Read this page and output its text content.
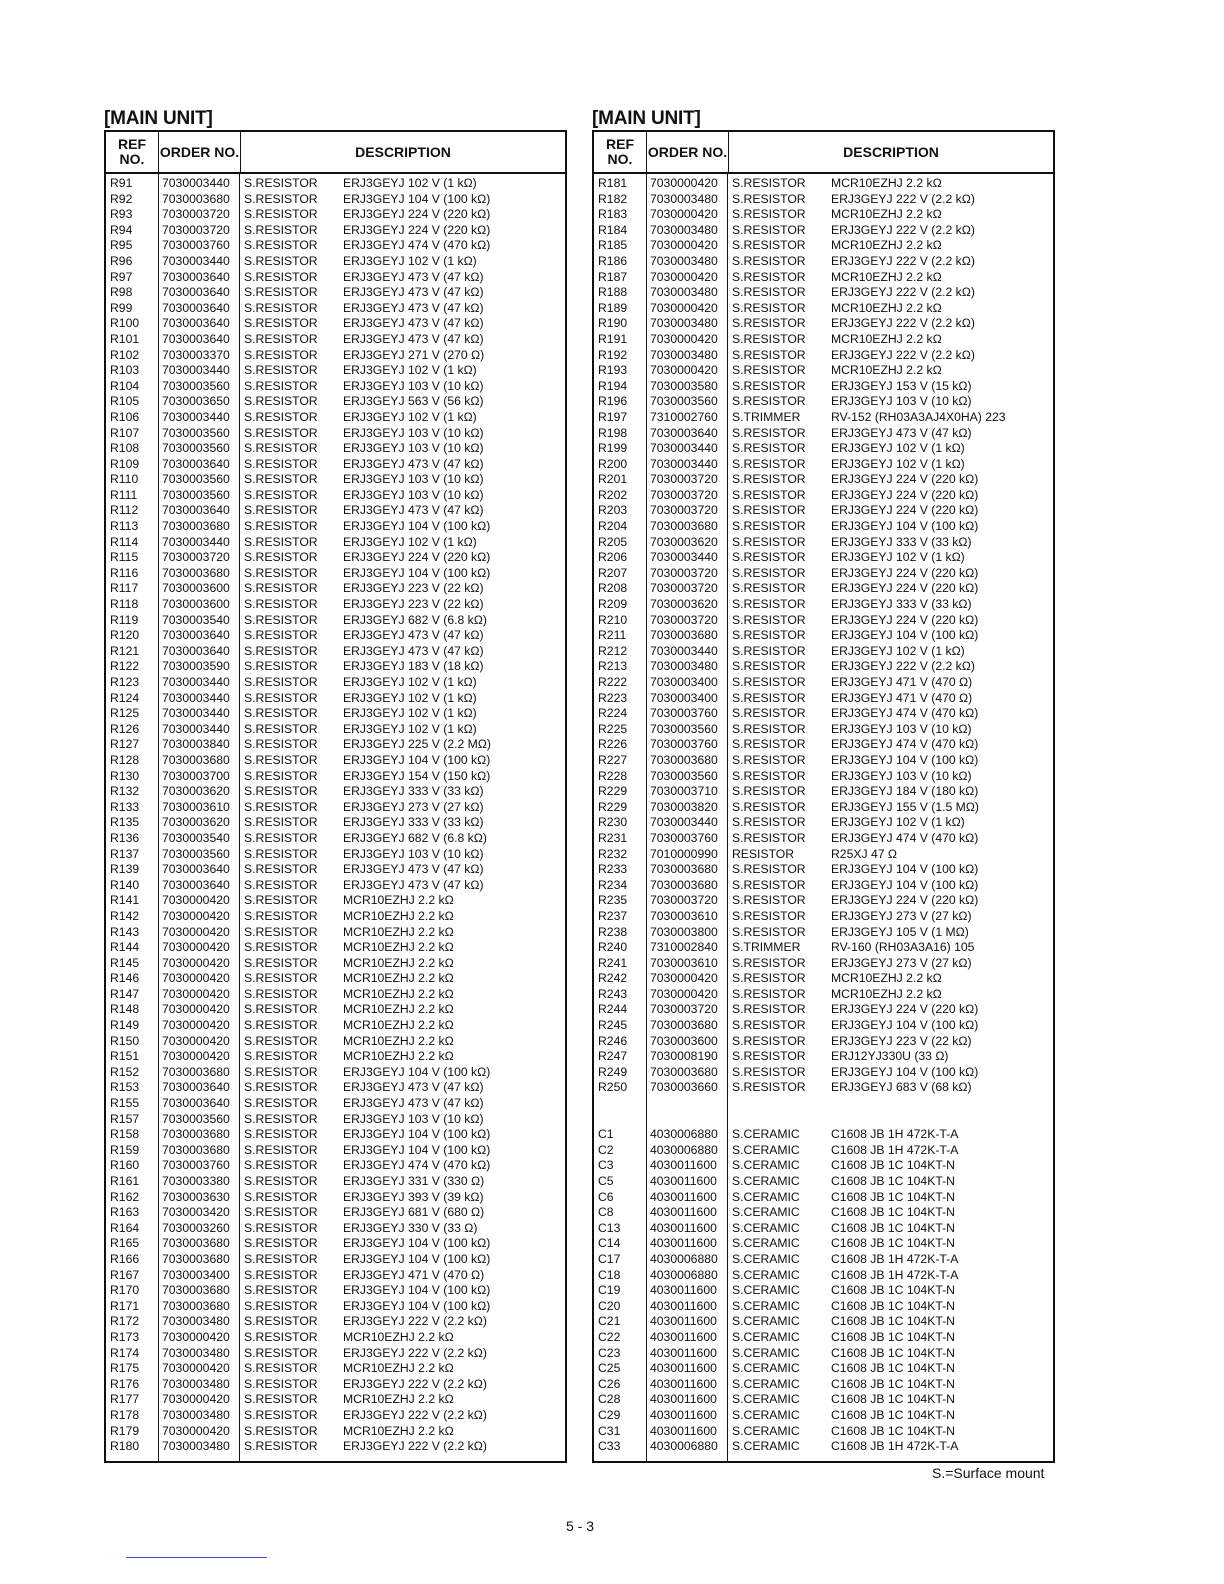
[MAIN UNIT]
REF NO.	ORDER NO.	DESCRIPTION
R91	7030003440	S.RESISTOR	ERJ3GEYJ 102 V (1 kΩ)
R92	7030003680	S.RESISTOR	ERJ3GEYJ 104 V (100 kΩ)
R93	7030003720	S.RESISTOR	ERJ3GEYJ 224 V (220 kΩ)
R94	7030003720	S.RESISTOR	ERJ3GEYJ 224 V (220 kΩ)
R95	7030003760	S.RESISTOR	ERJ3GEYJ 474 V (470 kΩ)
R96	7030003440	S.RESISTOR	ERJ3GEYJ 102 V (1 kΩ)
R97	7030003640	S.RESISTOR	ERJ3GEYJ 473 V (47 kΩ)
R98	7030003640	S.RESISTOR	ERJ3GEYJ 473 V (47 kΩ)
R99	7030003640	S.RESISTOR	ERJ3GEYJ 473 V (47 kΩ)
R100	7030003640	S.RESISTOR	ERJ3GEYJ 473 V (47 kΩ)
R101	7030003640	S.RESISTOR	ERJ3GEYJ 473 V (47 kΩ)
R102	7030003370	S.RESISTOR	ERJ3GEYJ 271 V (270 Ω)
R103	7030003440	S.RESISTOR	ERJ3GEYJ 102 V (1 kΩ)
R104	7030003560	S.RESISTOR	ERJ3GEYJ 103 V (10 kΩ)
R105	7030003650	S.RESISTOR	ERJ3GEYJ 563 V (56 kΩ)
R106	7030003440	S.RESISTOR	ERJ3GEYJ 102 V (1 kΩ)
R107	7030003560	S.RESISTOR	ERJ3GEYJ 103 V (10 kΩ)
R108	7030003560	S.RESISTOR	ERJ3GEYJ 103 V (10 kΩ)
R109	7030003640	S.RESISTOR	ERJ3GEYJ 473 V (47 kΩ)
R110	7030003560	S.RESISTOR	ERJ3GEYJ 103 V (10 kΩ)
R111	7030003560	S.RESISTOR	ERJ3GEYJ 103 V (10 kΩ)
R112	7030003640	S.RESISTOR	ERJ3GEYJ 473 V (47 kΩ)
R113	7030003680	S.RESISTOR	ERJ3GEYJ 104 V (100 kΩ)
R114	7030003440	S.RESISTOR	ERJ3GEYJ 102 V (1 kΩ)
R115	7030003720	S.RESISTOR	ERJ3GEYJ 224 V (220 kΩ)
R116	7030003680	S.RESISTOR	ERJ3GEYJ 104 V (100 kΩ)
R117	7030003600	S.RESISTOR	ERJ3GEYJ 223 V (22 kΩ)
R118	7030003600	S.RESISTOR	ERJ3GEYJ 223 V (22 kΩ)
R119	7030003540	S.RESISTOR	ERJ3GEYJ 682 V (6.8 kΩ)
R120	7030003640	S.RESISTOR	ERJ3GEYJ 473 V (47 kΩ)
R121	7030003640	S.RESISTOR	ERJ3GEYJ 473 V (47 kΩ)
R122	7030003590	S.RESISTOR	ERJ3GEYJ 183 V (18 kΩ)
R123	7030003440	S.RESISTOR	ERJ3GEYJ 102 V (1 kΩ)
R124	7030003440	S.RESISTOR	ERJ3GEYJ 102 V (1 kΩ)
R125	7030003440	S.RESISTOR	ERJ3GEYJ 102 V (1 kΩ)
R126	7030003440	S.RESISTOR	ERJ3GEYJ 102 V (1 kΩ)
R127	7030003840	S.RESISTOR	ERJ3GEYJ 225 V (2.2 MΩ)
R128	7030003680	S.RESISTOR	ERJ3GEYJ 104 V (100 kΩ)
R130	7030003700	S.RESISTOR	ERJ3GEYJ 154 V (150 kΩ)
R132	7030003620	S.RESISTOR	ERJ3GEYJ 333 V (33 kΩ)
R133	7030003610	S.RESISTOR	ERJ3GEYJ 273 V (27 kΩ)
R135	7030003620	S.RESISTOR	ERJ3GEYJ 333 V (33 kΩ)
R136	7030003540	S.RESISTOR	ERJ3GEYJ 682 V (6.8 kΩ)
R137	7030003560	S.RESISTOR	ERJ3GEYJ 103 V (10 kΩ)
R139	7030003640	S.RESISTOR	ERJ3GEYJ 473 V (47 kΩ)
R140	7030003640	S.RESISTOR	ERJ3GEYJ 473 V (47 kΩ)
R141	7030000420	S.RESISTOR	MCR10EZHJ 2.2 kΩ
R142	7030000420	S.RESISTOR	MCR10EZHJ 2.2 kΩ
R143	7030000420	S.RESISTOR	MCR10EZHJ 2.2 kΩ
R144	7030000420	S.RESISTOR	MCR10EZHJ 2.2 kΩ
R145	7030000420	S.RESISTOR	MCR10EZHJ 2.2 kΩ
R146	7030000420	S.RESISTOR	MCR10EZHJ 2.2 kΩ
R147	7030000420	S.RESISTOR	MCR10EZHJ 2.2 kΩ
R148	7030000420	S.RESISTOR	MCR10EZHJ 2.2 kΩ
R149	7030000420	S.RESISTOR	MCR10EZHJ 2.2 kΩ
R150	7030000420	S.RESISTOR	MCR10EZHJ 2.2 kΩ
R151	7030000420	S.RESISTOR	MCR10EZHJ 2.2 kΩ
R152	7030003680	S.RESISTOR	ERJ3GEYJ 104 V (100 kΩ)
R153	7030003640	S.RESISTOR	ERJ3GEYJ 473 V (47 kΩ)
R155	7030003640	S.RESISTOR	ERJ3GEYJ 473 V (47 kΩ)
R157	7030003560	S.RESISTOR	ERJ3GEYJ 103 V (10 kΩ)
R158	7030003680	S.RESISTOR	ERJ3GEYJ 104 V (100 kΩ)
R159	7030003680	S.RESISTOR	ERJ3GEYJ 104 V (100 kΩ)
R160	7030003760	S.RESISTOR	ERJ3GEYJ 474 V (470 kΩ)
R161	7030003380	S.RESISTOR	ERJ3GEYJ 331 V (330 Ω)
R162	7030003630	S.RESISTOR	ERJ3GEYJ 393 V (39 kΩ)
R163	7030003420	S.RESISTOR	ERJ3GEYJ 681 V (680 Ω)
R164	7030003260	S.RESISTOR	ERJ3GEYJ 330 V (33 Ω)
R165	7030003680	S.RESISTOR	ERJ3GEYJ 104 V (100 kΩ)
R166	7030003680	S.RESISTOR	ERJ3GEYJ 104 V (100 kΩ)
R167	7030003400	S.RESISTOR	ERJ3GEYJ 471 V (470 Ω)
R170	7030003680	S.RESISTOR	ERJ3GEYJ 104 V (100 kΩ)
R171	7030003680	S.RESISTOR	ERJ3GEYJ 104 V (100 kΩ)
R172	7030003480	S.RESISTOR	ERJ3GEYJ 222 V (2.2 kΩ)
R173	7030000420	S.RESISTOR	MCR10EZHJ 2.2 kΩ
R174	7030003480	S.RESISTOR	ERJ3GEYJ 222 V (2.2 kΩ)
R175	7030000420	S.RESISTOR	MCR10EZHJ 2.2 kΩ
R176	7030003480	S.RESISTOR	ERJ3GEYJ 222 V (2.2 kΩ)
R177	7030000420	S.RESISTOR	MCR10EZHJ 2.2 kΩ
R178	7030003480	S.RESISTOR	ERJ3GEYJ 222 V (2.2 kΩ)
R179	7030000420	S.RESISTOR	MCR10EZHJ 2.2 kΩ
R180	7030003480	S.RESISTOR	ERJ3GEYJ 222 V (2.2 kΩ)
[MAIN UNIT]
REF NO.	ORDER NO.	DESCRIPTION
R181	7030000420	S.RESISTOR	MCR10EZHJ 2.2 kΩ
R182	7030003480	S.RESISTOR	ERJ3GEYJ 222 V (2.2 kΩ)
R183	7030000420	S.RESISTOR	MCR10EZHJ 2.2 kΩ
R184	7030003480	S.RESISTOR	ERJ3GEYJ 222 V (2.2 kΩ)
R185	7030000420	S.RESISTOR	MCR10EZHJ 2.2 kΩ
R186	7030003480	S.RESISTOR	ERJ3GEYJ 222 V (2.2 kΩ)
R187	7030000420	S.RESISTOR	MCR10EZHJ 2.2 kΩ
R188	7030003480	S.RESISTOR	ERJ3GEYJ 222 V (2.2 kΩ)
R189	7030000420	S.RESISTOR	MCR10EZHJ 2.2 kΩ
R190	7030003480	S.RESISTOR	ERJ3GEYJ 222 V (2.2 kΩ)
R191	7030000420	S.RESISTOR	MCR10EZHJ 2.2 kΩ
R192	7030003480	S.RESISTOR	ERJ3GEYJ 222 V (2.2 kΩ)
R193	7030000420	S.RESISTOR	MCR10EZHJ 2.2 kΩ
R194	7030003580	S.RESISTOR	ERJ3GEYJ 153 V (15 kΩ)
R196	7030003560	S.RESISTOR	ERJ3GEYJ 103 V (10 kΩ)
R197	7310002760	S.TRIMMER	RV-152 (RH03A3AJ4X0HA) 223
R198	7030003640	S.RESISTOR	ERJ3GEYJ 473 V (47 kΩ)
R199	7030003440	S.RESISTOR	ERJ3GEYJ 102 V (1 kΩ)
R200	7030003440	S.RESISTOR	ERJ3GEYJ 102 V (1 kΩ)
R201	7030003720	S.RESISTOR	ERJ3GEYJ 224 V (220 kΩ)
R202	7030003720	S.RESISTOR	ERJ3GEYJ 224 V (220 kΩ)
R203	7030003720	S.RESISTOR	ERJ3GEYJ 224 V (220 kΩ)
R204	7030003680	S.RESISTOR	ERJ3GEYJ 104 V (100 kΩ)
R205	7030003620	S.RESISTOR	ERJ3GEYJ 333 V (33 kΩ)
R206	7030003440	S.RESISTOR	ERJ3GEYJ 102 V (1 kΩ)
R207	7030003720	S.RESISTOR	ERJ3GEYJ 224 V (220 kΩ)
R208	7030003720	S.RESISTOR	ERJ3GEYJ 224 V (220 kΩ)
R209	7030003620	S.RESISTOR	ERJ3GEYJ 333 V (33 kΩ)
R210	7030003720	S.RESISTOR	ERJ3GEYJ 224 V (220 kΩ)
R211	7030003680	S.RESISTOR	ERJ3GEYJ 104 V (100 kΩ)
R212	7030003440	S.RESISTOR	ERJ3GEYJ 102 V (1 kΩ)
R213	7030003480	S.RESISTOR	ERJ3GEYJ 222 V (2.2 kΩ)
R222	7030003400	S.RESISTOR	ERJ3GEYJ 471 V (470 Ω)
R223	7030003400	S.RESISTOR	ERJ3GEYJ 471 V (470 Ω)
R224	7030003760	S.RESISTOR	ERJ3GEYJ 474 V (470 kΩ)
R225	7030003560	S.RESISTOR	ERJ3GEYJ 103 V (10 kΩ)
R226	7030003760	S.RESISTOR	ERJ3GEYJ 474 V (470 kΩ)
R227	7030003680	S.RESISTOR	ERJ3GEYJ 104 V (100 kΩ)
R228	7030003560	S.RESISTOR	ERJ3GEYJ 103 V (10 kΩ)
R229	7030003710	S.RESISTOR	ERJ3GEYJ 184 V (180 kΩ)
R229	7030003820	S.RESISTOR	ERJ3GEYJ 155 V (1.5 MΩ)
R230	7030003440	S.RESISTOR	ERJ3GEYJ 102 V (1 kΩ)
R231	7030003760	S.RESISTOR	ERJ3GEYJ 474 V (470 kΩ)
R232	7010000990	RESISTOR	R25XJ 47 Ω
R233	7030003680	S.RESISTOR	ERJ3GEYJ 104 V (100 kΩ)
R234	7030003680	S.RESISTOR	ERJ3GEYJ 104 V (100 kΩ)
R235	7030003720	S.RESISTOR	ERJ3GEYJ 224 V (220 kΩ)
R237	7030003610	S.RESISTOR	ERJ3GEYJ 273 V (27 kΩ)
R238	7030003800	S.RESISTOR	ERJ3GEYJ 105 V (1 MΩ)
R240	7310002840	S.TRIMMER	RV-160 (RH03A3A16) 105
R241	7030003610	S.RESISTOR	ERJ3GEYJ 273 V (27 kΩ)
R242	7030000420	S.RESISTOR	MCR10EZHJ 2.2 kΩ
R243	7030000420	S.RESISTOR	MCR10EZHJ 2.2 kΩ
R244	7030003720	S.RESISTOR	ERJ3GEYJ 224 V (220 kΩ)
R245	7030003680	S.RESISTOR	ERJ3GEYJ 104 V (100 kΩ)
R246	7030003600	S.RESISTOR	ERJ3GEYJ 223 V (22 kΩ)
R247	7030008190	S.RESISTOR	ERJ12YJ330U (33 Ω)
R249	7030003680	S.RESISTOR	ERJ3GEYJ 104 V (100 kΩ)
R250	7030003660	S.RESISTOR	ERJ3GEYJ 683 V (68 kΩ)
C1	4030006880	S.CERAMIC	C1608 JB 1H 472K-T-A
C2	4030006880	S.CERAMIC	C1608 JB 1H 472K-T-A
C3	4030011600	S.CERAMIC	C1608 JB 1C 104KT-N
C5	4030011600	S.CERAMIC	C1608 JB 1C 104KT-N
C6	4030011600	S.CERAMIC	C1608 JB 1C 104KT-N
C8	4030011600	S.CERAMIC	C1608 JB 1C 104KT-N
C13	4030011600	S.CERAMIC	C1608 JB 1C 104KT-N
C14	4030011600	S.CERAMIC	C1608 JB 1C 104KT-N
C17	4030006880	S.CERAMIC	C1608 JB 1H 472K-T-A
C18	4030006880	S.CERAMIC	C1608 JB 1H 472K-T-A
C19	4030011600	S.CERAMIC	C1608 JB 1C 104KT-N
C20	4030011600	S.CERAMIC	C1608 JB 1C 104KT-N
C21	4030011600	S.CERAMIC	C1608 JB 1C 104KT-N
C22	4030011600	S.CERAMIC	C1608 JB 1C 104KT-N
C23	4030011600	S.CERAMIC	C1608 JB 1C 104KT-N
C25	4030011600	S.CERAMIC	C1608 JB 1C 104KT-N
C26	4030011600	S.CERAMIC	C1608 JB 1C 104KT-N
C28	4030011600	S.CERAMIC	C1608 JB 1C 104KT-N
C29	4030011600	S.CERAMIC	C1608 JB 1C 104KT-N
C31	4030011600	S.CERAMIC	C1608 JB 1C 104KT-N
C33	4030006880	S.CERAMIC	C1608 JB 1H 472K-T-A
S.=Surface mount
5 - 3
